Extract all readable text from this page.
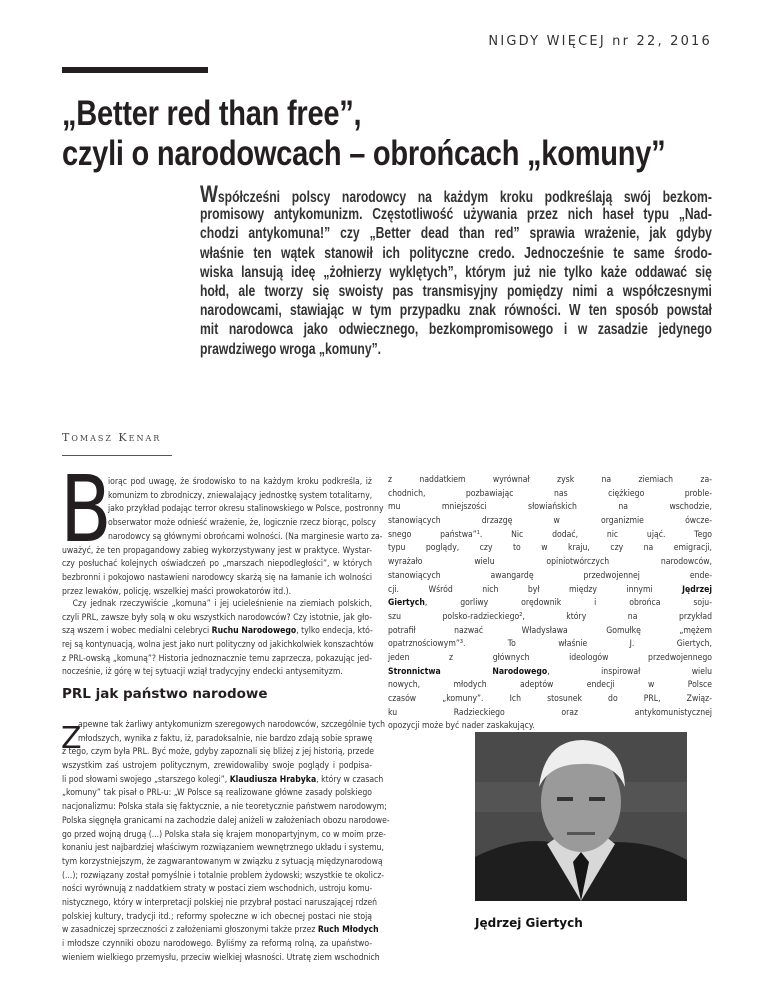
NIGDY WIĘCEJ nr 22, 2016
„Better red than free”,
czyli o narodowcach – obrońcach „komuny”
Współcześni polscy narodowcy na każdym kroku podkreślają swój bezkom-
promisowy antykomunizm. Częstotliwość używania przez nich haseł typu „Nad-
chodzi antykomuna!” czy „Better dead than red” sprawia wrażenie, jak gdyby
właśnie ten wątek stanowił ich polityczne credo. Jednocześnie te same środo-
wiska lansują ideę „żołnierzy wyklętych”, którym już nie tylko każe oddawać się
hołd, ale tworzy się swoisty pas transmisyjny pomiędzy nimi a współczesnymi
narodowcami, stawiając w tym przypadku znak równości. W ten sposób powstał
mit narodowca jako odwiecznego, bezkompromisowego i w zasadzie jedynego
prawdziwego wroga „komuny”.
Tomasz Kenar
B
iorąc pod uwagę, że środowisko to na każdym kroku podkreśla, iż
komunizm to zbrodniczy, zniewalający jednostkę system totalitarny,
jako przykład podając terror okresu stalinowskiego w Polsce, postronny
obserwator może odnieść wrażenie, że, logicznie rzecz biorąc, polscy
narodowcy są głównymi obrońcami wolności. (Na marginesie warto za-
uważyć, że ten propagandowy zabieg wykorzystywany jest w praktyce. Wystar-
czy posłuchać kolejnych oświadczeń po „marszach niepodległości”, w których
bezbronni i pokojowo nastawieni narodowcy skarżą się na łamanie ich wolności
przez lewaków, policję, wszelkiej maści prowokatorów itd.).
Czy jednak rzeczywiście „komuna” i jej ucieleśnienie na ziemiach polskich,
czyli PRL, zawsze były solą w oku wszystkich narodowców? Czy istotnie, jak gło-
szą wszem i wobec medialni celebryci Ruchu Narodowego, tylko endecja, któ-
rej są kontynuacją, wolna jest jako nurt polityczny od jakichkolwiek konszachtów
z PRL-owską „komuną”? Historia jednoznacznie temu zaprzecza, pokazując jed-
nocześnie, iż górę w tej sytuacji wziął tradycyjny endecki antysemityzm.
PRL jak państwo narodowe
Z
apewne tak żarliwy antykomunizm szeregowych narodowców, szczególnie tych
młodszych, wynika z faktu, iż, paradoksalnie, nie bardzo zdają sobie sprawę
z tego, czym była PRL. Być może, gdyby zapoznali się bliżej z jej historią, przede
wszystkim zaś ustrojem politycznym, zrewidowaliby swoje poglądy i podpisa-
li pod słowami swojego „starszego kolegi”, Klaudiusza Hrabyka, który w czasach
„komuny” tak pisał o PRL-u: „W Polsce są realizowane główne zasady polskiego
nacjonalizmu: Polska stała się faktycznie, a nie teoretycznie państwem narodowym;
Polska sięgnęła granicami na zachodzie dalej aniżeli w założeniach obozu narodowe-
go przed wojną drugą (...) Polska stała się krajem monopartyjnym, co w moim prze-
konaniu jest najbardziej właściwym rozwiązaniem wewnętrznego układu i systemu,
tym korzystniejszym, że zagwarantowanym w związku z sytuacją międzynarodową
(...); rozwiązany został pomyślnie i totalnie problem żydowski; wszystkie te okolicz-
ności wyrównują z naddatkiem straty w postaci ziem wschodnich, ustroju komu-
nistycznego, który w interpretacji polskiej nie przybrał postaci naruszającej rdzeń
polskiej kultury, tradycji itd.; reformy społeczne w ich obecnej postaci nie stoją
w zasadniczej sprzeczności z założeniami głoszonymi także przez Ruch Młodych
i młodsze czynniki obozu narodowego. Byliśmy za reformą rolną, za upaństwo-
wieniem wielkiego przemysłu, przeciw wielkiej własności. Utratę ziem wschodnich
z naddatkiem wyrównał zysk na ziemiach za-
chodnich, pozbawiając nas ciężkiego proble-
mu mniejszości słowiańskich na wschodzie,
stanowiących drzazgę w organizmie ówcze-
snego państwa”¹. Nic dodać, nic ująć. Tego
typu poglądy, czy to w kraju, czy na emigracji,
wyrażało wielu opiniotwórczych narodowców,
stanowiących awangardę przedwojennej ende-
cji. Wśród nich był między innymi Jędrzej
Giertych, gorliwy orędownik i obrońca soju-
szu polsko-radzieckiego², który na przykład
potrafił nazwać Władysława Gomułkę „mężem
opatrznościowym”³. To właśnie J. Giertych,
jeden z głównych ideologów przedwojennego
Stronnictwa Narodowego, inspirował wielu
nowych, młodych adeptów endecji w Polsce
czasów „komuny”. Ich stosunek do PRL, Związ-
ku Radzieckiego oraz antykomunistycznej
opozycji może być nader zaskakujący.
Jędrzej Giertych
